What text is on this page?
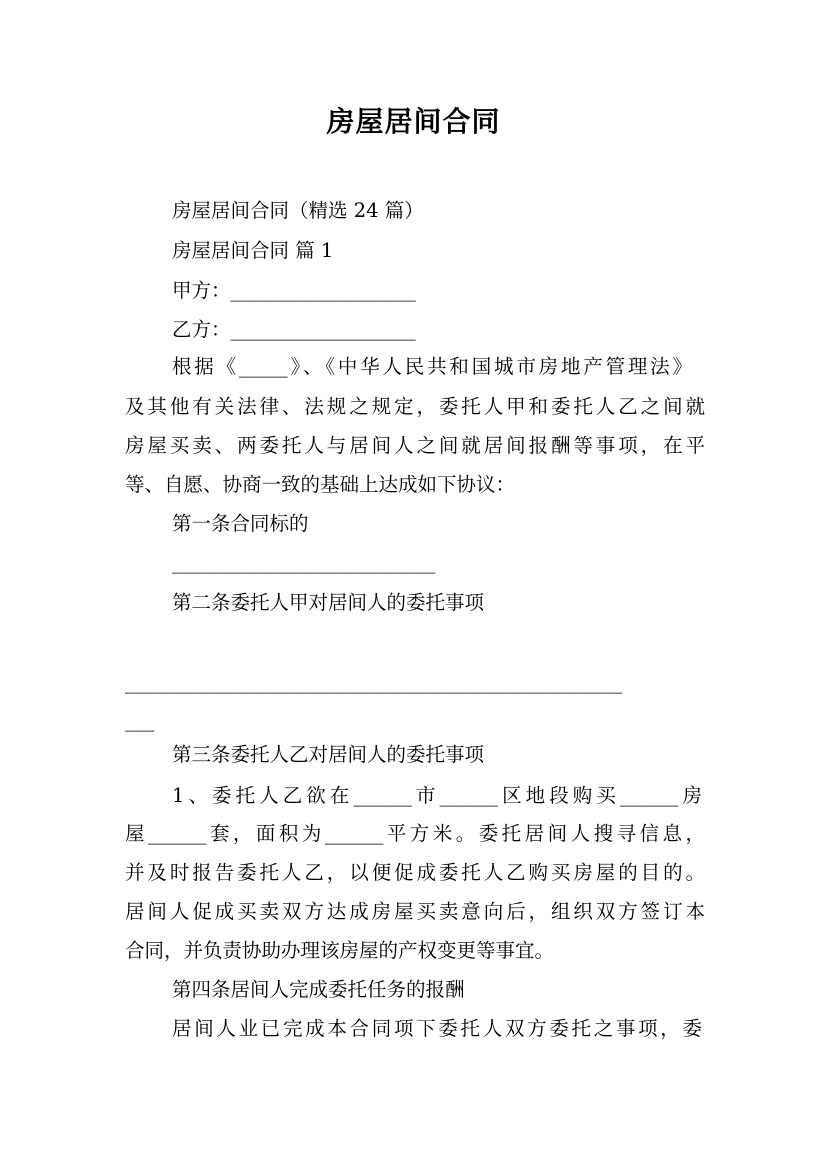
房屋居间合同
房屋居间合同（精选 24 篇）
房屋居间合同 篇 1
甲方：___________________
乙方：___________________
根据《_____》、《中华人民共和国城市房地产管理法》
及其他有关法律、法规之规定，委托人甲和委托人乙之间就
房屋买卖、两委托人与居间人之间就居间报酬等事项，在平
等、自愿、协商一致的基础上达成如下协议：
第一条合同标的
___________________________
第二条委托人甲对居间人的委托事项
___________________________________________________
___
第三条委托人乙对居间人的委托事项
1、委托人乙欲在______市______区地段购买______房
屋______套，面积为______平方米。委托居间人搜寻信息，
并及时报告委托人乙，以便促成委托人乙购买房屋的目的。
居间人促成买卖双方达成房屋买卖意向后，组织双方签订本
合同，并负责协助办理该房屋的产权变更等事宜。
第四条居间人完成委托任务的报酬
居间人业已完成本合同项下委托人双方委托之事项，委
